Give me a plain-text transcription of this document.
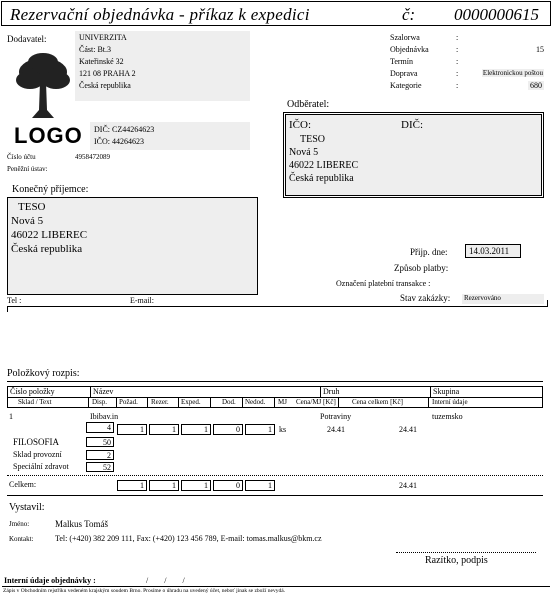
Rezervační objednávka - příkaz k expedici	č: 0000000615
Dodavatel:	UNIVERZITA
Část: Bt.3
Kateřinské 32
121 08 PRAHA 2
Česká republika
LOGO DIČ: CZ44264623
IČO: 44264623
Číslo účtu	4958472089
Peněžní ústav:
Szalorwa
Objednávka	15
Termín
Doprava	Elektronickou poštou
Kategorie	680
:
:
:
:
:
Odběratel:
IČO:	DIČ:
TESO
Nová 5
46022 LIBEREC
Česká republika
Konečný příjemce:
TESO
Nová 5
46022 LIBEREC
Česká republika	Přijp. dne:	14.03.2011
Způsob platby:
Označení platební transakce :
Stav zakázky: Rezervováno
Tel :	E-mail:
Položkový rozpis:
Číslo položky	Název	Druh	Skupina
Sklad / Text	Disp. Požad. Rezer. Exped.	Dod. Nedod. MJ Cena/MJ [Kč] Cena celkem [Kč]	Interní údaje
1	Ibibav.in	Potraviny	tuzemsko
4	1	1	1	0	1 ks	24.41	24.41
FILOSOFIA	50
Sklad provozní	2
Speciální zdravot	52
Celkem:	1	1	1	0	1	24.41
Vystavil:
Jméno:	Malkus Tomáš
Kontakt:	Tel: (+420) 382 209 111, Fax: (+420) 123 456 789, E-mail: tomas.malkus@bkm.cz
Razítko, podpis
Interní údaje objednávky :	/ / /
Zápis v Obchodním rejstříku vedeném krajským soudem Brno. Prosíme o úhradu na uvedený účet, neboť jinak se zboží nevydá.
